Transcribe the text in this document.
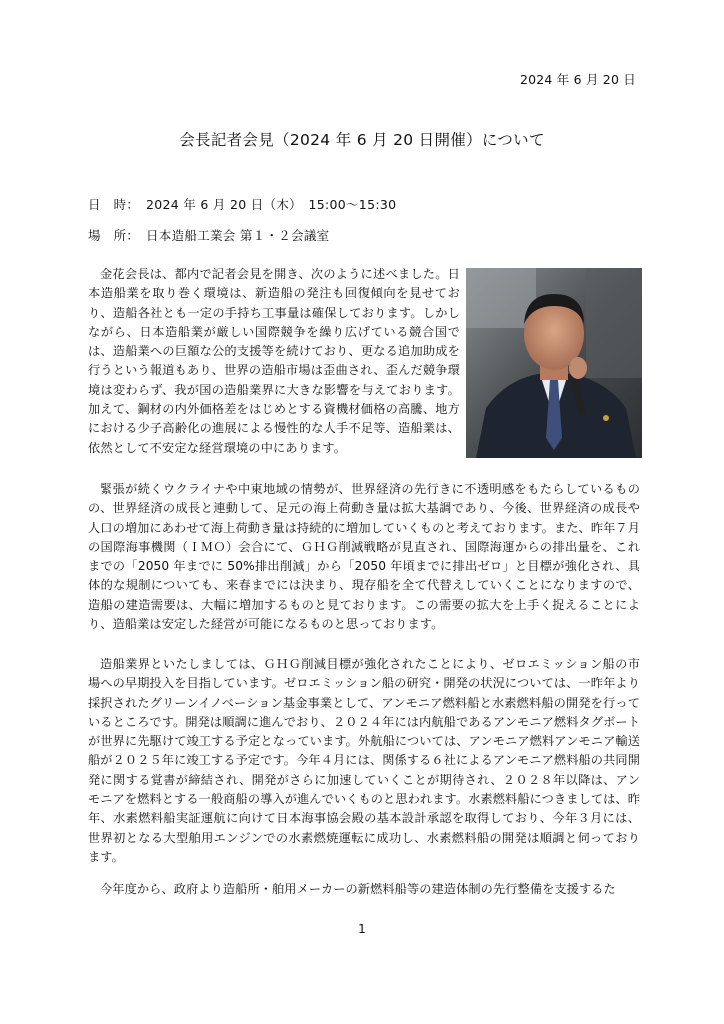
2024 年 6 月 20 日
会長記者会見（2024 年 6 月 20 日開催）について
日　時： 2024 年 6 月 20 日（木）　15:00～15:30
場　所： 日本造船工業会 第１・２会議室

金花会長は、都内で記者会見を開き、次のように述べました。日本造船業を取り巻く環境は、新造船の発注も回復傾向を見せており、造船各社とも一定の手持ち工事量は確保しております。しかしながら、日本造船業が厳しい国際競争を繰り広げている競合国では、造船業への巨額な公的支援等を続けており、更なる追加助成を行うという報道もあり、世界の造船市場は歪曲され、歪んだ競争環境は変わらず、我が国の造船業界に大きな影響を与えております。加えて、鋼材の内外価格差をはじめとする資機材価格の高騰、地方における少子高齢化の進展による慢性的な人手不足等、造船業は、依然として不安定な経営環境の中にあります。

緊張が続くウクライナや中東地域の情勢が、世界経済の先行きに不透明感をもたらしているものの、世界経済の成長と連動して、足元の海上荷動き量は拡大基調であり、今後、世界経済の成長や人口の増加にあわせて海上荷動き量は持続的に増加していくものと考えております。また、昨年７月の国際海事機関（ＩＭＯ）会合にて、ＧＨＧ削減戦略が見直され、国際海運からの排出量を、これまでの「2050 年までに 50%排出削減」から「2050 年頃までに排出ゼロ」と目標が強化され、具体的な規制についても、来春までには決まり、現存船を全て代替えしていくことになりますので、造船の建造需要は、大幅に増加するものと見ております。この需要の拡大を上手く捉えることにより、造船業は安定した経営が可能になるものと思っております。

造船業界といたしましては、ＧＨＧ削減目標が強化されたことにより、ゼロエミッション船の市場への早期投入を目指しています。ゼロエミッション船の研究・開発の状況については、一昨年より採択されたグリーンイノベーション基金事業として、アンモニア燃料船と水素燃料船の開発を行っているところです。開発は順調に進んでおり、２０２４年には内航船であるアンモニア燃料タグボートが世界に先駆けて竣工する予定となっています。外航船については、アンモニア燃料アンモニア輸送船が２０２５年に竣工する予定です。今年４月には、関係する６社によるアンモニア燃料船の共同開発に関する覚書が締結され、開発がさらに加速していくことが期待され、２０２８年以降は、アンモニアを燃料とする一般商船の導入が進んでいくものと思われます。水素燃料船につきましては、昨年、水素燃料船実証運航に向けて日本海事協会殿の基本設計承認を取得しており、今年３月には、世界初となる大型舶用エンジンでの水素燃焼運転に成功し、水素燃料船の開発は順調と伺っております。

今年度から、政府より造船所・舶用メーカーの新燃料船等の建造体制の先行整備を支援するた

1
